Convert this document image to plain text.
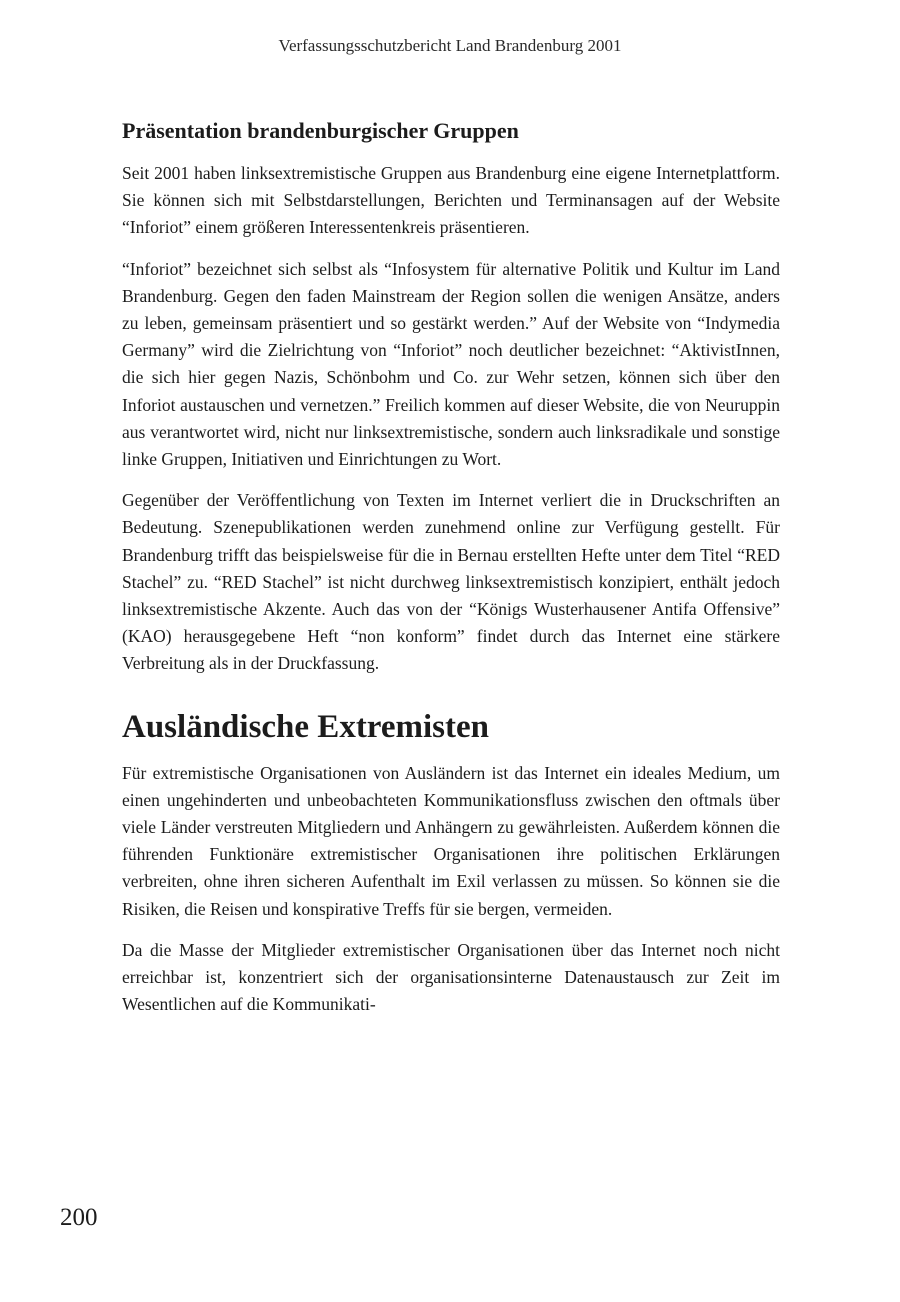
Verfassungsschutzbericht Land Brandenburg 2001
Präsentation brandenburgischer Gruppen

Seit 2001 haben linksextremistische Gruppen aus Brandenburg eine eigene Internetplattform. Sie können sich mit Selbstdarstellungen, Berichten und Terminansagen auf der Website “Inforiot” einem größeren Interessentenkreis präsentieren.

“Inforiot” bezeichnet sich selbst als “Infosystem für alternative Politik und Kultur im Land Brandenburg. Gegen den faden Mainstream der Region sollen die wenigen Ansätze, anders zu leben, gemeinsam präsentiert und so gestärkt werden.” Auf der Website von “Indymedia Germany” wird die Zielrichtung von “Inforiot” noch deutlicher bezeichnet: “AktivistInnen, die sich hier gegen Nazis, Schönbohm und Co. zur Wehr setzen, können sich über den Inforiot austauschen und vernetzen.” Freilich kommen auf dieser Website, die von Neuruppin aus verantwortet wird, nicht nur linksextremistische, sondern auch linksradikale und sonstige linke Gruppen, Initiativen und Einrichtungen zu Wort.

Gegenüber der Veröffentlichung von Texten im Internet verliert die in Druckschriften an Bedeutung. Szenepublikationen werden zunehmend online zur Verfügung gestellt. Für Brandenburg trifft das beispielsweise für die in Bernau erstellten Hefte unter dem Titel “RED Stachel” zu. “RED Stachel” ist nicht durchweg linksextremistisch konzipiert, enthält jedoch linksextremistische Akzente. Auch das von der “Königs Wusterhausener Antifa Offensive” (KAO) herausgegebene Heft “non konform” findet durch das Internet eine stärkere Verbreitung als in der Druckfassung.

Ausländische Extremisten

Für extremistische Organisationen von Ausländern ist das Internet ein ideales Medium, um einen ungehinderten und unbeobachteten Kommunikationsfluss zwischen den oftmals über viele Länder verstreuten Mitgliedern und Anhängern zu gewährleisten. Außerdem können die führenden Funktionäre extremistischer Organisationen ihre politischen Erklärungen verbreiten, ohne ihren sicheren Aufenthalt im Exil verlassen zu müssen. So können sie die Risiken, die Reisen und konspirative Treffs für sie bergen, vermeiden.

Da die Masse der Mitglieder extremistischer Organisationen über das Internet noch nicht erreichbar ist, konzentriert sich der organisationsinterne Datenaustausch zur Zeit im Wesentlichen auf die Kommunikati-

200
